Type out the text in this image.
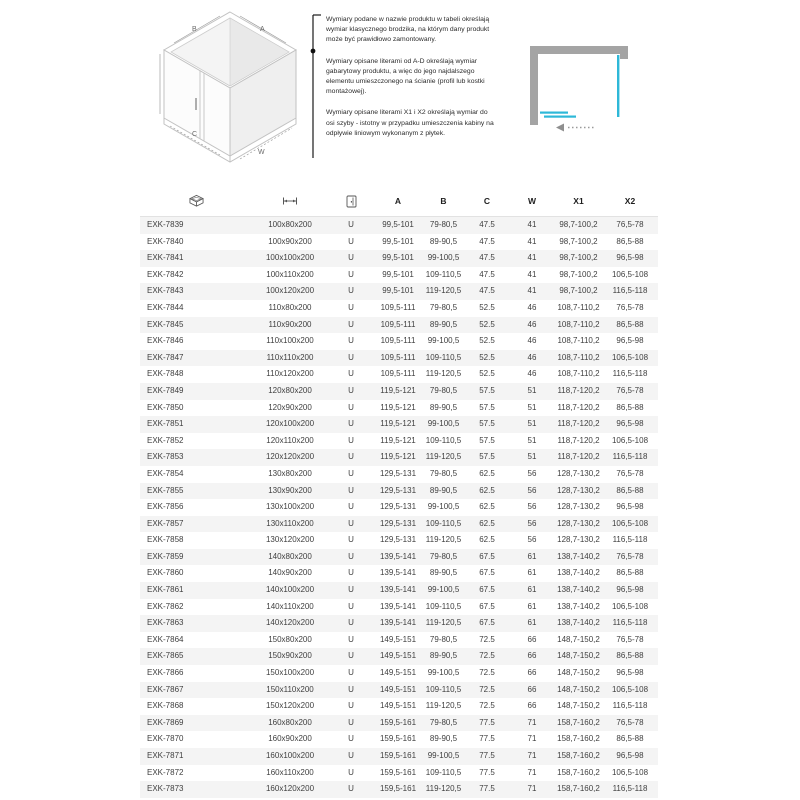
B	A
C
W

Wymiary podane w nazwie produktu w tabeli określają wymiar klasycznego brodzika, na którym dany produkt może być prawidłowo zamontowany.

Wymiary opisane literami od A-D określają wymiar gabarytowy produktu, a więc do jego najdalszego elementu umieszczonego na ścianie (profil lub kostki montażowej).

Wymiary opisane literami X1 i X2 określają wymiar do osi szyby - istotny w przypadku umieszczenia kabiny na odpływie liniowym wykonanym z płytek.

A	B	C	W	X1	X2
EXK-7839	100x80x200	U	99,5-101	79-80,5	47.5	41	98,7-100,2	76,5-78
EXK-7840	100x90x200	U	99,5-101	89-90,5	47.5	41	98,7-100,2	86,5-88
EXK-7841	100x100x200	U	99,5-101	99-100,5	47.5	41	98,7-100,2	96,5-98
EXK-7842	100x110x200	U	99,5-101	109-110,5	47.5	41	98,7-100,2	106,5-108
EXK-7843	100x120x200	U	99,5-101	119-120,5	47.5	41	98,7-100,2	116,5-118
EXK-7844	110x80x200	U	109,5-111	79-80,5	52.5	46	108,7-110,2	76,5-78
EXK-7845	110x90x200	U	109,5-111	89-90,5	52.5	46	108,7-110,2	86,5-88
EXK-7846	110x100x200	U	109,5-111	99-100,5	52.5	46	108,7-110,2	96,5-98
EXK-7847	110x110x200	U	109,5-111	109-110,5	52.5	46	108,7-110,2	106,5-108
EXK-7848	110x120x200	U	109,5-111	119-120,5	52.5	46	108,7-110,2	116,5-118
EXK-7849	120x80x200	U	119,5-121	79-80,5	57.5	51	118,7-120,2	76,5-78
EXK-7850	120x90x200	U	119,5-121	89-90,5	57.5	51	118,7-120,2	86,5-88
EXK-7851	120x100x200	U	119,5-121	99-100,5	57.5	51	118,7-120,2	96,5-98
EXK-7852	120x110x200	U	119,5-121	109-110,5	57.5	51	118,7-120,2	106,5-108
EXK-7853	120x120x200	U	119,5-121	119-120,5	57.5	51	118,7-120,2	116,5-118
EXK-7854	130x80x200	U	129,5-131	79-80,5	62.5	56	128,7-130,2	76,5-78
EXK-7855	130x90x200	U	129,5-131	89-90,5	62.5	56	128,7-130,2	86,5-88
EXK-7856	130x100x200	U	129,5-131	99-100,5	62.5	56	128,7-130,2	96,5-98
EXK-7857	130x110x200	U	129,5-131	109-110,5	62.5	56	128,7-130,2	106,5-108
EXK-7858	130x120x200	U	129,5-131	119-120,5	62.5	56	128,7-130,2	116,5-118
EXK-7859	140x80x200	U	139,5-141	79-80,5	67.5	61	138,7-140,2	76,5-78
EXK-7860	140x90x200	U	139,5-141	89-90,5	67.5	61	138,7-140,2	86,5-88
EXK-7861	140x100x200	U	139,5-141	99-100,5	67.5	61	138,7-140,2	96,5-98
EXK-7862	140x110x200	U	139,5-141	109-110,5	67.5	61	138,7-140,2	106,5-108
EXK-7863	140x120x200	U	139,5-141	119-120,5	67.5	61	138,7-140,2	116,5-118
EXK-7864	150x80x200	U	149,5-151	79-80,5	72.5	66	148,7-150,2	76,5-78
EXK-7865	150x90x200	U	149,5-151	89-90,5	72.5	66	148,7-150,2	86,5-88
EXK-7866	150x100x200	U	149,5-151	99-100,5	72.5	66	148,7-150,2	96,5-98
EXK-7867	150x110x200	U	149,5-151	109-110,5	72.5	66	148,7-150,2	106,5-108
EXK-7868	150x120x200	U	149,5-151	119-120,5	72.5	66	148,7-150,2	116,5-118
EXK-7869	160x80x200	U	159,5-161	79-80,5	77.5	71	158,7-160,2	76,5-78
EXK-7870	160x90x200	U	159,5-161	89-90,5	77.5	71	158,7-160,2	86,5-88
EXK-7871	160x100x200	U	159,5-161	99-100,5	77.5	71	158,7-160,2	96,5-98
EXK-7872	160x110x200	U	159,5-161	109-110,5	77.5	71	158,7-160,2	106,5-108
EXK-7873	160x120x200	U	159,5-161	119-120,5	77.5	71	158,7-160,2	116,5-118
